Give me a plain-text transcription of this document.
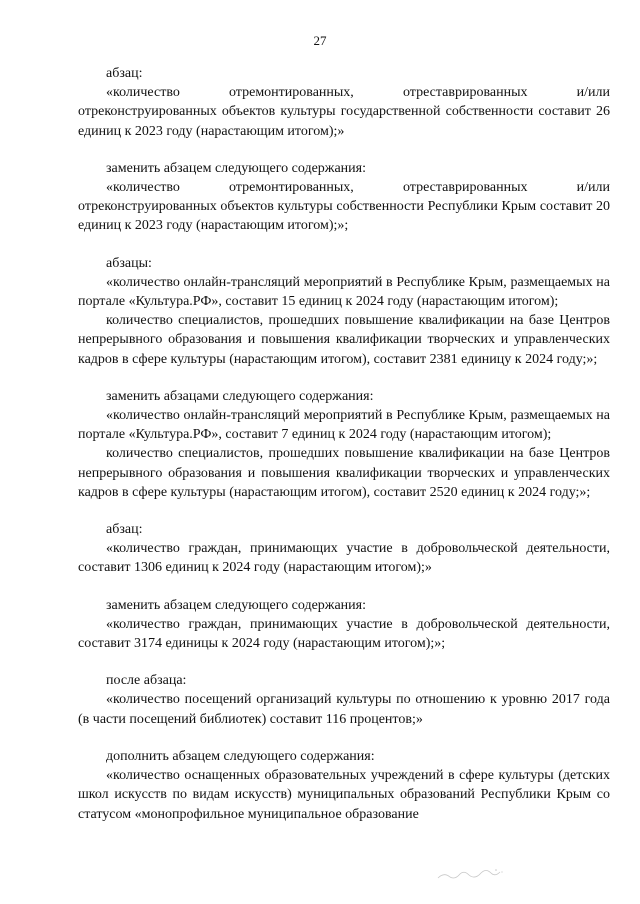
27

абзац:

«количество отремонтированных, отреставрированных и/или отреконструированных объектов культуры государственной собственности составит 26 единиц к 2023 году (нарастающим итогом);»

заменить абзацем следующего содержания:

«количество отремонтированных, отреставрированных и/или отреконструированных объектов культуры собственности Республики Крым составит 20 единиц к 2023 году (нарастающим итогом);»;

абзацы:

«количество онлайн-трансляций мероприятий в Республике Крым, размещаемых на портале «Культура.РФ», составит 15 единиц к 2024 году (нарастающим итогом);

количество специалистов, прошедших повышение квалификации на базе Центров непрерывного образования и повышения квалификации творческих и управленческих кадров в сфере культуры (нарастающим итогом), составит 2381 единицу к 2024 году;»;

заменить абзацами следующего содержания:

«количество онлайн-трансляций мероприятий в Республике Крым, размещаемых на портале «Культура.РФ», составит 7 единиц к 2024 году (нарастающим итогом);

количество специалистов, прошедших повышение квалификации на базе Центров непрерывного образования и повышения квалификации творческих и управленческих кадров в сфере культуры (нарастающим итогом), составит 2520 единиц к 2024 году;»;

абзац:

«количество граждан, принимающих участие в добровольческой деятельности, составит 1306 единиц к 2024 году (нарастающим итогом);»

заменить абзацем следующего содержания:

«количество граждан, принимающих участие в добровольческой деятельности, составит 3174 единицы к 2024 году (нарастающим итогом);»;

после абзаца:

«количество посещений организаций культуры по отношению к уровню 2017 года (в части посещений библиотек) составит 116 процентов;»

дополнить абзацем следующего содержания:

«количество оснащенных образовательных учреждений в сфере культуры (детских школ искусств по видам искусств) муниципальных образований Республики Крым со статусом «монопрофильное муниципальное образование
